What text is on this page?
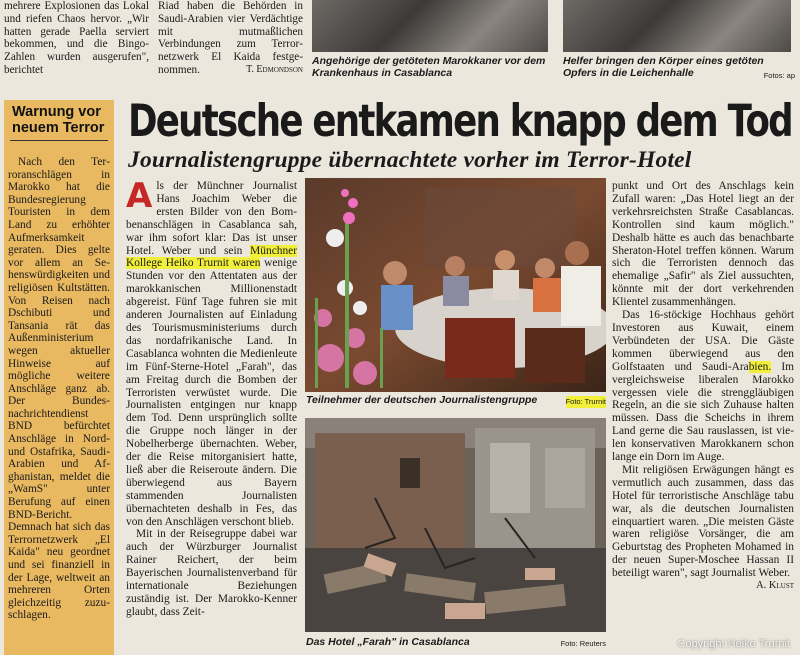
mehrere Explosionen das Lokal und riefen Chaos hervor. „Wir hatten gerade Paella serviert bekommen, und die Bingo-Zahlen wurden ausgerufen", berichtet
Riad haben die Behörden in Saudi-Arabien vier Verdächtige mit mutmaßlichen Verbindungen zum Terrornetzwerk El Kaida festgenommen.	T. Edmondson
Angehörige der getöteten Marokkaner vor dem Krankenhaus in Casablanca
Helfer bringen den Körper eines getöten Opfers in die Leichenhalle	Fotos: ap
Warnung vor neuem Terror

Nach den Terroranschlägen in Marokko hat die Bundesregierung Touristen in dem Land zu erhöhter Aufmerksamkeit geraten. Dies gelte vor allem an Sehenswürdigkeiten und religiösen Kultstätten. Von Reisen nach Dschibuti und Tansania rät das Außenministerium wegen aktueller Hinweise auf mögliche weitere Anschläge ganz ab. Der Bundesnachrichtendienst BND befürchtet Anschläge in Nord- und Ostafrika, Saudi-Arabien und Afghanistan, meldet die „WamS" unter Berufung auf einen BND-Bericht. Demnach hat sich das Terrornetzwerk „El Kaida" neu geordnet und sei finanziell in der Lage, weltweit an mehreren Orten gleichzeitig zuzuschlagen.

Deutsche entkamen knapp dem Tod
Journalistengruppe übernachtete vorher im Terror-Hotel

Als der Münchner Journalist Hans Joachim Weber die ersten Bilder von den Bombenanschlägen in Casablanca sah, war ihm sofort klar: Das ist unser Hotel. Weber und sein Münchner Kollege Heiko Trurnit waren wenige Stunden vor den Attentaten aus der marokkanischen Millionenstadt abgereist. Fünf Tage fuhren sie mit anderen Journalisten auf Einladung des Tourismusministeriums durch das nordafrikanische Land. In Casablanca wohnten die Medienleute im Fünf-Sterne-Hotel „Farah", das am Freitag durch die Bomben der Terroristen verwüstet wurde. Die Journalisten entgingen nur knapp dem Tod. Denn ursprünglich sollte die Gruppe noch länger in der Nobelherberge übernachten. Weber, der die Reise mitorganisiert hatte, ließ aber die Reiseroute ändern. Die überwiegend aus Bayern stammenden Journalisten übernachteten deshalb in Fes, das von den Anschlägen verschont blieb.

Mit in der Reisegruppe dabei war auch der Würzburger Journalist Rainer Reichert, der beim Bayerischen Journalistenverband für internationale Beziehungen zuständig ist. Der Marokko-Kenner glaubt, dass Zeit-

Teilnehmer der deutschen Journalistengruppe	Foto: Trurnit
Das Hotel „Farah" in Casablanca	Foto: Reuters

punkt und Ort des Anschlags kein Zufall waren: „Das Hotel liegt an der verkehrsreichsten Straße Casablancas. Kontrollen sind kaum möglich." Deshalb hätte es auch das benachbarte Sheraton-Hotel treffen können. Warum sich die Terroristen dennoch das ehemalige „Safir" als Ziel aussuchten, könnte mit der dort verkehrenden Klientel zusammenhängen.

Das 16-stöckige Hochhaus gehört Investoren aus Kuwait, einem Verbündeten der USA. Die Gäste kommen überwiegend aus den Golfstaaten und Saudi-Arabien. Im vergleichsweise liberalen Marokko vergessen viele die strenggläubigen Regeln, an die sie sich Zuhause halten müssen. Dass die Scheichs in ihrem Land gerne die Sau rauslassen, ist vielen konservativen Marokkanern schon lange ein Dorn im Auge.

Mit religiösen Erwägungen hängt es vermutlich auch zusammen, dass das Hotel für terroristische Anschläge tabu war, als die deutschen Journalisten einquartiert waren. „Die meisten Gäste waren religiöse Vorsänger, die am Geburtstag des Propheten Mohamed in der neuen Super-Moschee Hassan II beteiligt waren", sagt Journalist Weber.

A. Klust

Copyright Heiko Trurnit
